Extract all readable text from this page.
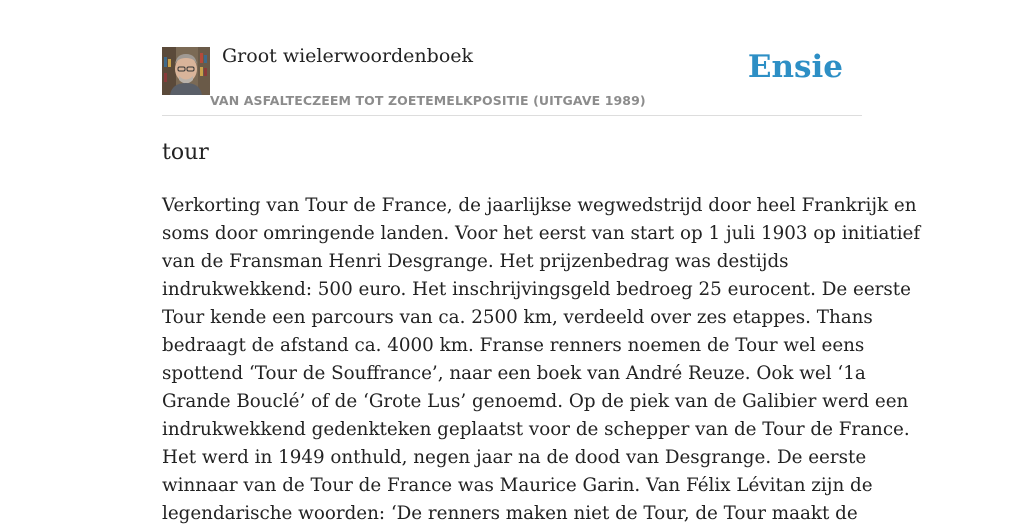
Groot wielerwoordenboek
VAN ASFALTECZEEM TOT ZOETEMELKPOSITIE (UITGAVE 1989)
Ensie
tour

Verkorting van Tour de France, de jaarlijkse wegwedstrijd door heel Frankrijk en
soms door omringende landen. Voor het eerst van start op 1 juli 1903 op initiatief
van de Fransman Henri Desgrange. Het prijzenbedrag was destijds
indrukwekkend: 500 euro. Het inschrijvingsgeld bedroeg 25 eurocent. De eerste
Tour kende een parcours van ca. 2500 km, verdeeld over zes etappes. Thans
bedraagt de afstand ca. 4000 km. Franse renners noemen de Tour wel eens
spottend ‘Tour de Souffrance’, naar een boek van André Reuze. Ook wel ‘1a
Grande Bouclé’ of de ‘Grote Lus’ genoemd. Op de piek van de Galibier werd een
indrukwekkend gedenkteken geplaatst voor de schepper van de Tour de France.
Het werd in 1949 onthuld, negen jaar na de dood van Desgrange. De eerste
winnaar van de Tour de France was Maurice Garin. Van Félix Lévitan zijn de
legendarische woorden: ‘De renners maken niet de Tour, de Tour maakt de
